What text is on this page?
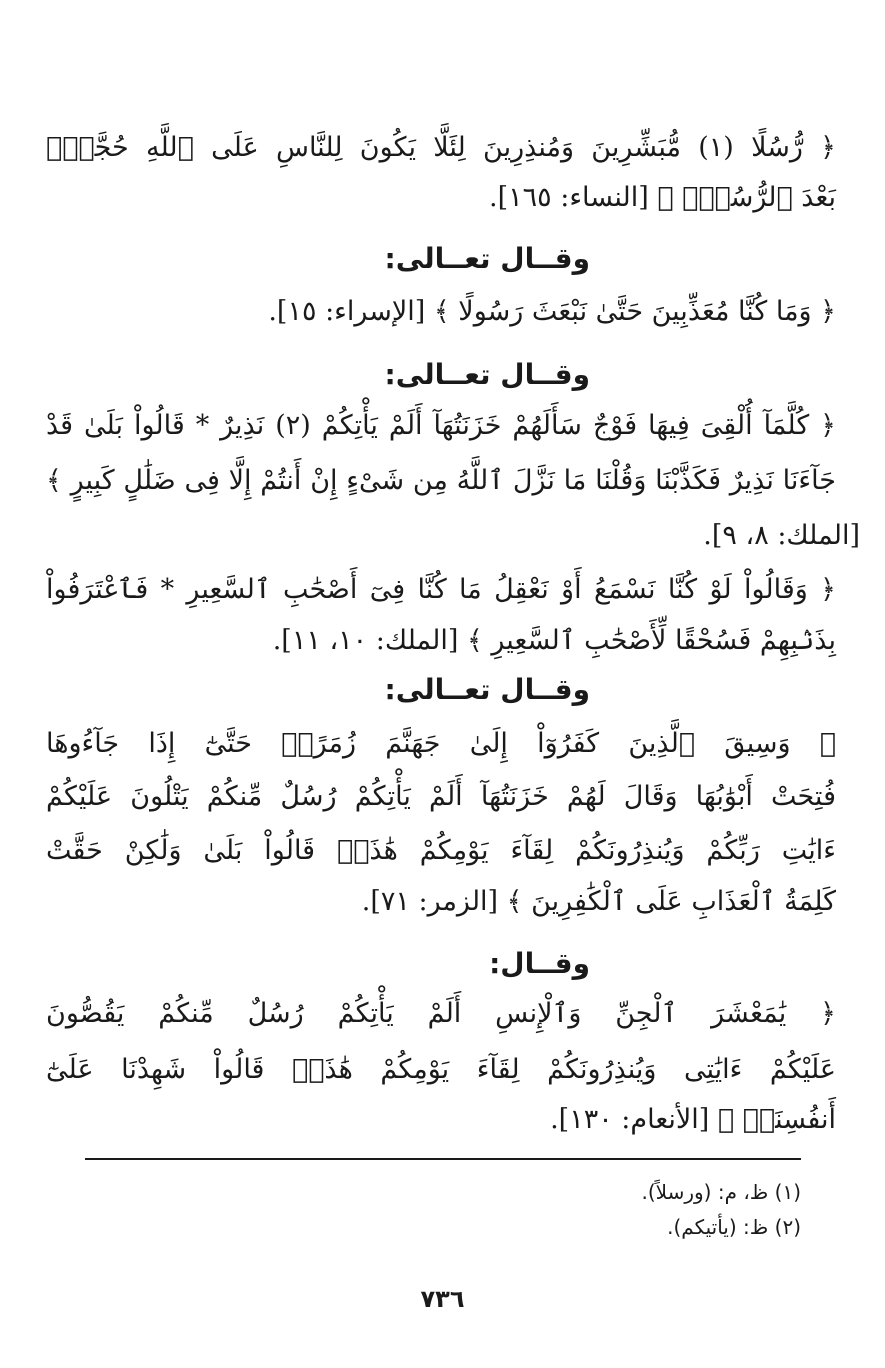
﴿ رُّسُلًا (١) مُّبَشِّرِينَ وَمُنذِرِينَ لِئَلَّا يَكُونَ لِلنَّاسِ عَلَى ٱللَّهِ حُجَّةُۢ
بَعْدَ ٱلرُّسُلِۚ ﴾ [النساء: ١٦٥].
وقــال تعــالى:
﴿ وَمَا كُنَّا مُعَذِّبِينَ حَتَّىٰ نَبْعَثَ رَسُولًا ﴾ [الإسراء: ١٥].
وقــال تعــالى:
﴿ كُلَّمَآ أُلْقِىَ فِيهَا فَوْجٌ سَأَلَهُمْ خَزَنَتُهَآ أَلَمْ يَأْتِكُمْ (٢) نَذِيرٌ * قَالُواْ بَلَىٰ قَدْ
جَآءَنَا نَذِيرٌ فَكَذَّبْنَا وَقُلْنَا مَا نَزَّلَ ٱللَّهُ مِن شَىْءٍ إِنْ أَنتُمْ إِلَّا فِى ضَلَٰلٍ كَبِيرٍ ﴾
[الملك: ٨، ٩].
﴿ وَقَالُواْ لَوْ كُنَّا نَسْمَعُ أَوْ نَعْقِلُ مَا كُنَّا فِىٓ أَصْحَٰبِ ٱلسَّعِيرِ * فَٱعْتَرَفُواْ
بِذَنۢبِهِمْ فَسُحْقًا لِّأَصْحَٰبِ ٱلسَّعِيرِ ﴾ [الملك: ١٠، ١١].
وقــال تعــالى:
﴿ وَسِيقَ ٱلَّذِينَ كَفَرُوٓاْ إِلَىٰ جَهَنَّمَ زُمَرًاۖ حَتَّىٰٓ إِذَا جَآءُوهَا
فُتِحَتْ أَبْوَٰبُهَا وَقَالَ لَهُمْ خَزَنَتُهَآ أَلَمْ يَأْتِكُمْ رُسُلٌ مِّنكُمْ يَتْلُونَ عَلَيْكُمْ
ءَايَٰتِ رَبِّكُمْ وَيُنذِرُونَكُمْ لِقَآءَ يَوْمِكُمْ هَٰذَاۚ قَالُواْ بَلَىٰ وَلَٰكِنْ حَقَّتْ
كَلِمَةُ ٱلْعَذَابِ عَلَى ٱلْكَٰفِرِينَ ﴾ [الزمر: ٧١].
وقــال:
﴿ يَٰمَعْشَرَ ٱلْجِنِّ وَٱلْإِنسِ أَلَمْ يَأْتِكُمْ رُسُلٌ مِّنكُمْ يَقُصُّونَ
عَلَيْكُمْ ءَايَٰتِى وَيُنذِرُونَكُمْ لِقَآءَ يَوْمِكُمْ هَٰذَاۚ قَالُواْ شَهِدْنَا عَلَىٰٓ
أَنفُسِنَاۖ ﴾ [الأنعام: ١٣٠].
(١) ظ، م: (ورسلاً).
(٢) ظ: (يأتيكم).
٧٣٦
